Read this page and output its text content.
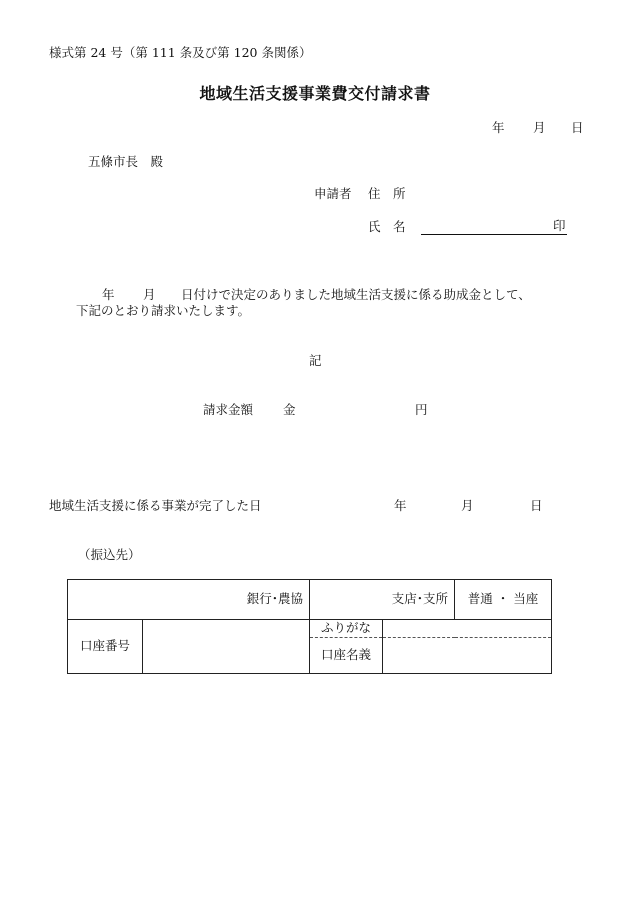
様式第 24 号（第 111 条及び第 120 条関係）
地域生活支援事業費交付請求書
年 月 日
五條市長　殿
申請者 住　所
氏　名	印
年 月 日付けで決定のありました地域生活支援に係る助成金として、
下記のとおり請求いたします。
記
請求金額 金	円
地域生活支援に係る事業が完了した日	年	月	日
（振込先）
銀行･農協		支店･支所		普通 ・ 当座
口座番号		ふりがな		
		口座名義		
